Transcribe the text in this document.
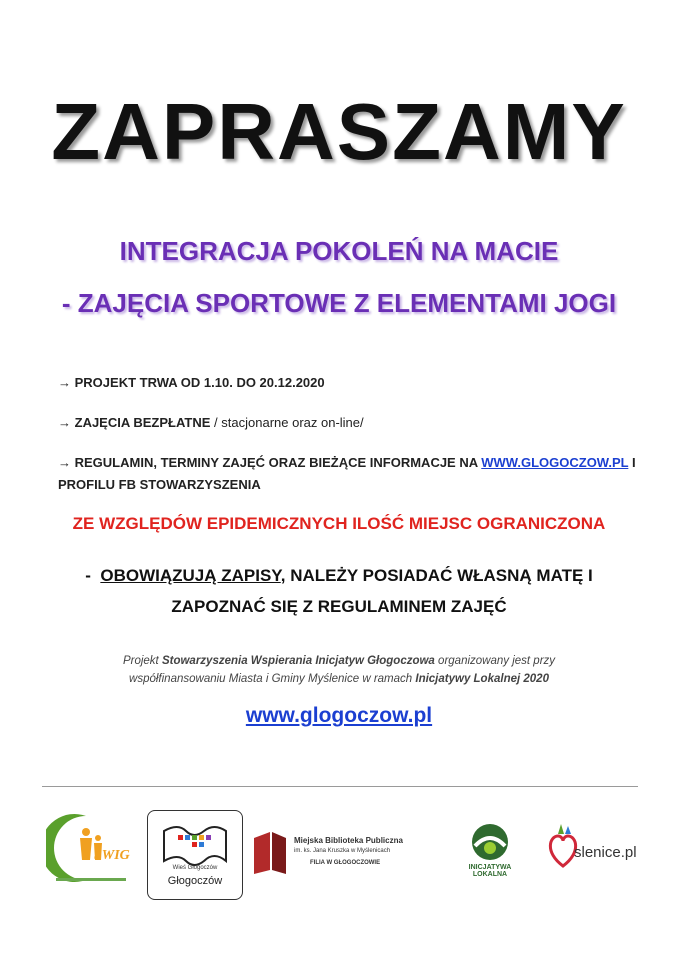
ZAPRASZAMY
INTEGRACJA POKOLEŃ NA MACIE
- ZAJĘCIA SPORTOWE Z ELEMENTAMI JOGI
→ PROJEKT TRWA OD 1.10. DO 20.12.2020
→ ZAJĘCIA BEZPŁATNE / stacjonarne oraz on-line/
→ REGULAMIN, TERMINY ZAJĘĆ ORAZ BIEŻĄCE INFORMACJE NA WWW.GLOGOCZOW.PL I
PROFILU FB STOWARZYSZENIA
ZE WZGLĘDÓW EPIDEMICZNYCH ILOŚĆ MIEJSC OGRANICZONA
- OBOWIĄZUJĄ ZAPISY, NALEŻY POSIADAĆ WŁASNĄ MATĘ I
ZAPOZNAĆ SIĘ Z REGULAMINEM ZAJĘĆ
Projekt Stowarzyszenia Wspierania Inicjatyw Głogoczowa organizowany jest przy
współfinansowaniu Miasta i Gminy Myślenice w ramach Inicjatywy Lokalnej 2020
www.glogoczow.pl
SWIG
Wieś Głogoczów
Głogoczów
Miejska Biblioteka Publiczna
im. ks. Jana Kruszka w Myślenicach
FILIA W GŁOGOCZOWIE
INICJATYWA LOKALNA
slenice.pl
